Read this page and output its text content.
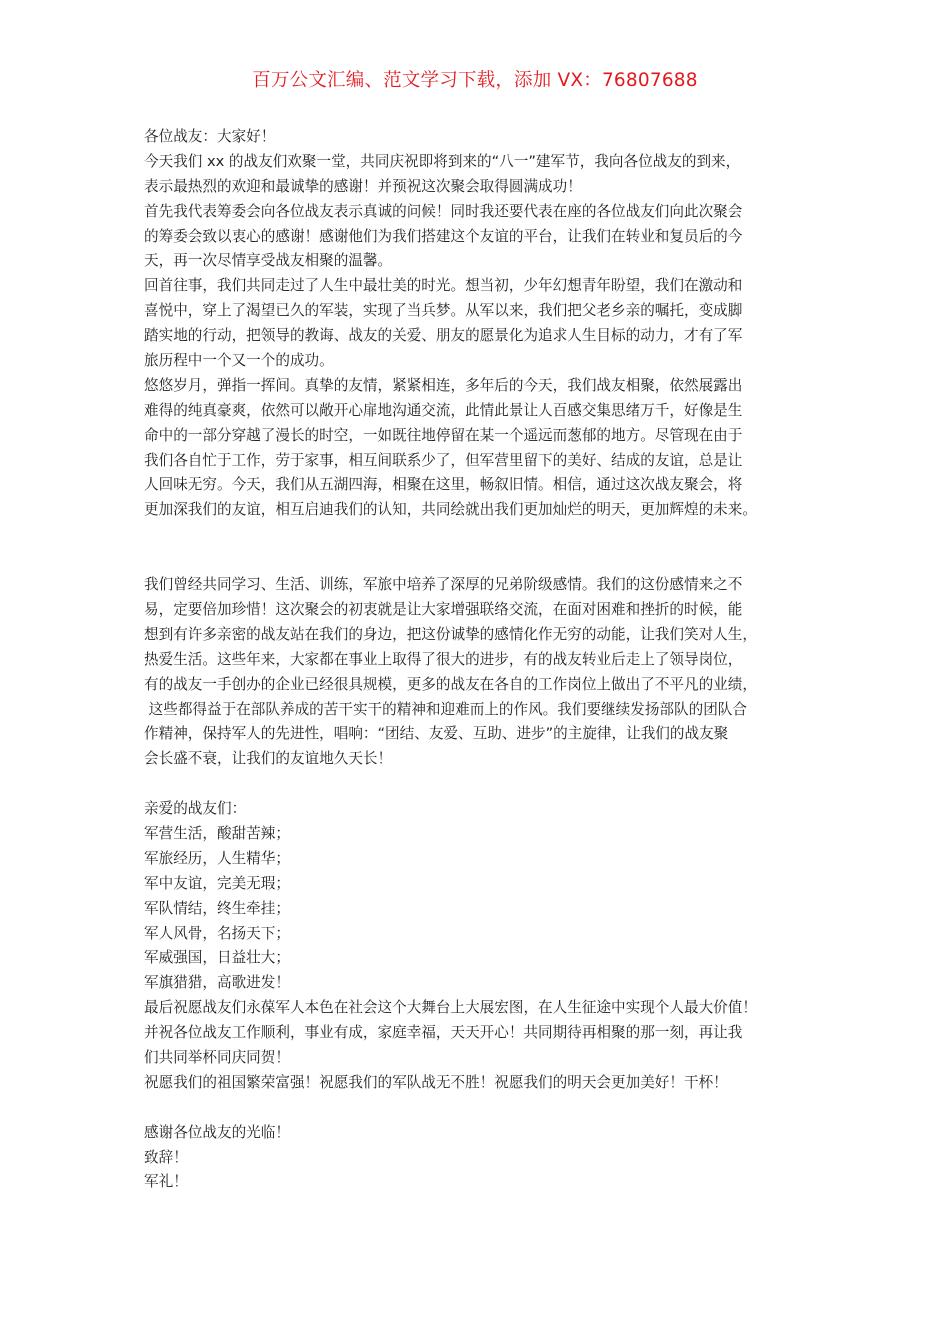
百万公文汇编、范文学习下载，添加 VX：76807688
各位战友：大家好！
今天我们 xx 的战友们欢聚一堂，共同庆祝即将到来的“八一”建军节，我向各位战友的到来，
表示最热烈的欢迎和最诚挚的感谢！并预祝这次聚会取得圆满成功！
首先我代表筹委会向各位战友表示真诚的问候！同时我还要代表在座的各位战友们向此次聚会
的筹委会致以衷心的感谢！感谢他们为我们搭建这个友谊的平台，让我们在转业和复员后的今
天，再一次尽情享受战友相聚的温馨。
回首往事，我们共同走过了人生中最壮美的时光。想当初，少年幻想青年盼望，我们在激动和
喜悦中，穿上了渴望已久的军装，实现了当兵梦。从军以来，我们把父老乡亲的嘱托，变成脚
踏实地的行动，把领导的教诲、战友的关爱、朋友的愿景化为追求人生目标的动力，才有了军
旅历程中一个又一个的成功。
悠悠岁月，弹指一挥间。真挚的友情，紧紧相连，多年后的今天，我们战友相聚，依然展露出
难得的纯真豪爽，依然可以敞开心扉地沟通交流，此情此景让人百感交集思绪万千，好像是生
命中的一部分穿越了漫长的时空，一如既往地停留在某一个遥远而葱郁的地方。尽管现在由于
我们各自忙于工作，劳于家事，相互间联系少了，但军营里留下的美好、结成的友谊，总是让
人回味无穷。今天，我们从五湖四海，相聚在这里，畅叙旧情。相信，通过这次战友聚会，将
更加深我们的友谊，相互启迪我们的认知，共同绘就出我们更加灿烂的明天，更加辉煌的未来。
我们曾经共同学习、生活、训练，军旅中培养了深厚的兄弟阶级感情。我们的这份感情来之不
易，定要倍加珍惜！这次聚会的初衷就是让大家增强联络交流，在面对困难和挫折的时候，能
想到有许多亲密的战友站在我们的身边，把这份诚挚的感情化作无穷的动能，让我们笑对人生，
热爱生活。这些年来，大家都在事业上取得了很大的进步，有的战友转业后走上了领导岗位，
有的战友一手创办的企业已经很具规模，更多的战友在各自的工作岗位上做出了不平凡的业绩，
这些都得益于在部队养成的苦干实干的精神和迎难而上的作风。我们要继续发扬部队的团队合
作精神，保持军人的先进性，唱响：“团结、友爱、互助、进步”的主旋律，让我们的战友聚
会长盛不衰，让我们的友谊地久天长！
亲爱的战友们：
军营生活，酸甜苦辣；
军旅经历，人生精华；
军中友谊，完美无瑕；
军队情结，终生牵挂；
军人风骨，名扬天下；
军威强国，日益壮大；
军旗猎猎，高歌进发！
最后祝愿战友们永葆军人本色在社会这个大舞台上大展宏图，在人生征途中实现个人最大价值！
并祝各位战友工作顺利，事业有成，家庭幸福，天天开心！共同期待再相聚的那一刻，再让我
们共同举杯同庆同贺！
祝愿我们的祖国繁荣富强！祝愿我们的军队战无不胜！祝愿我们的明天会更加美好！干杯！
感谢各位战友的光临！
致辞！
军礼！
